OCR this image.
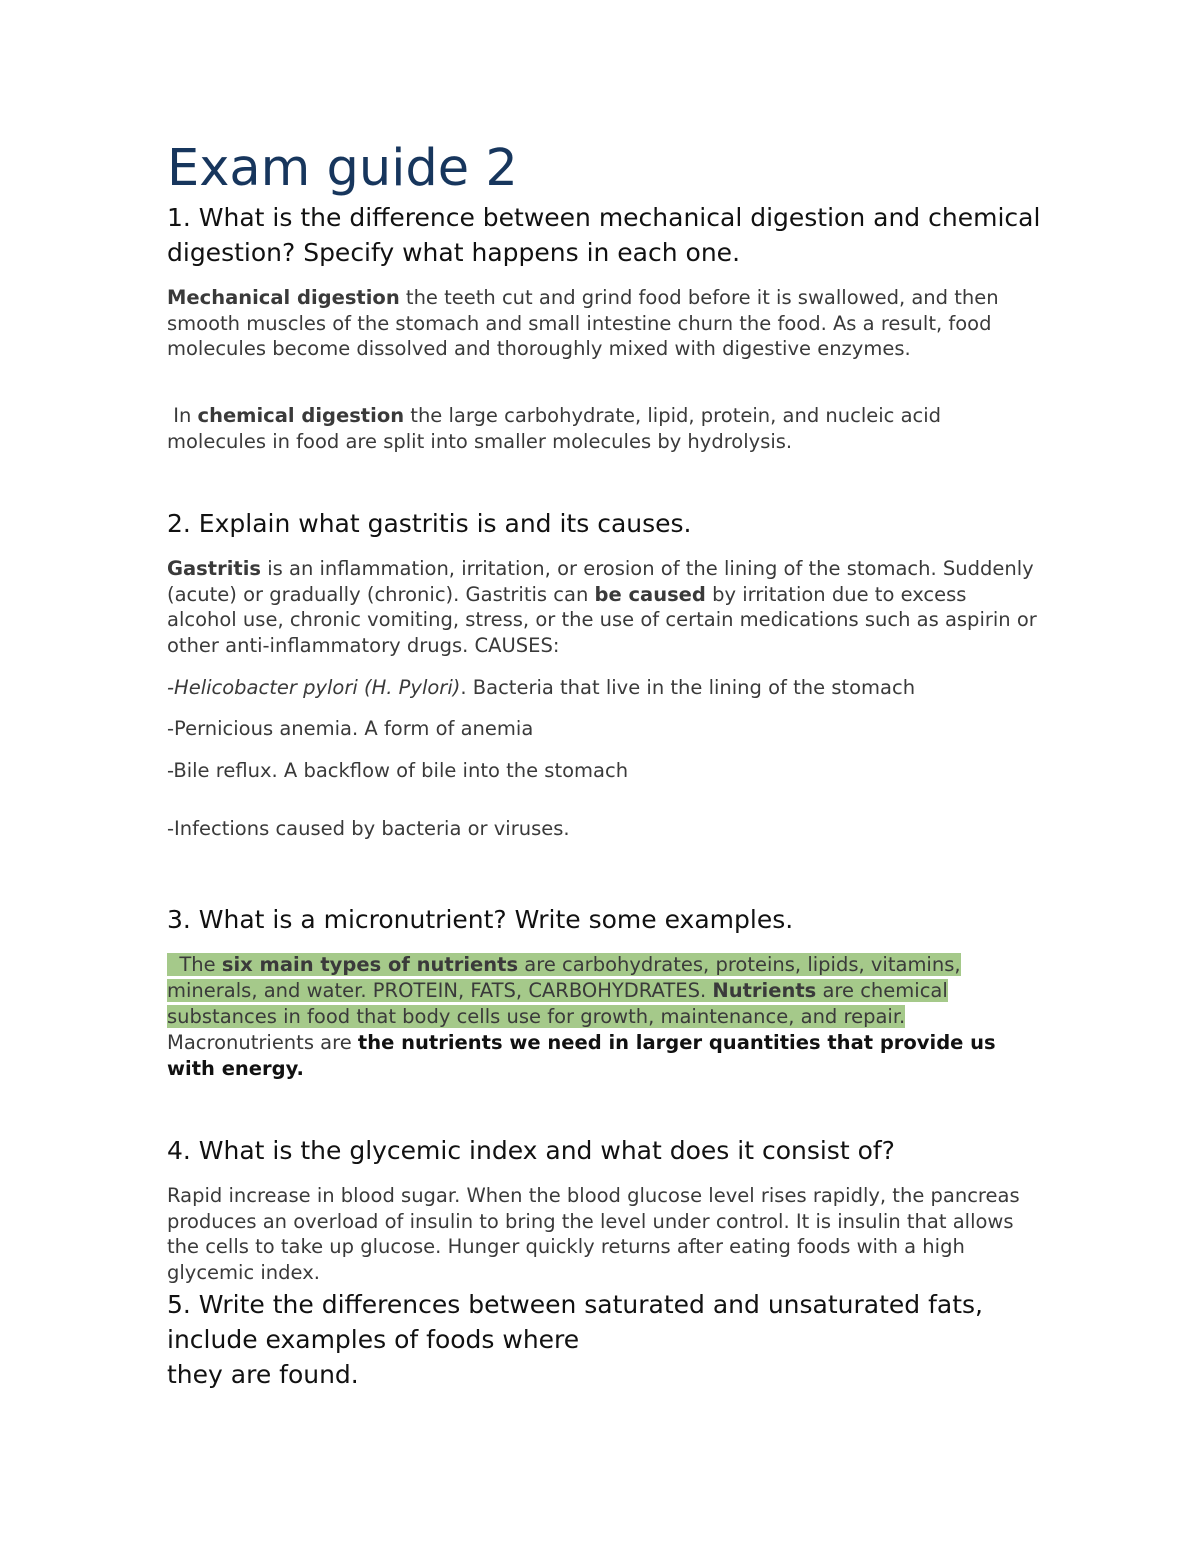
Exam guide 2
1. What is the difference between mechanical digestion and chemical digestion? Specify what happens in each one.

Mechanical digestion the teeth cut and grind food before it is swallowed, and then smooth muscles of the stomach and small intestine churn the food. As a result, food molecules become dissolved and thoroughly mixed with digestive enzymes.

In chemical digestion the large carbohydrate, lipid, protein, and nucleic acid molecules in food are split into smaller molecules by hydrolysis.

2. Explain what gastritis is and its causes.

Gastritis is an inflammation, irritation, or erosion of the lining of the stomach. Suddenly (acute) or gradually (chronic). Gastritis can be caused by irritation due to excess alcohol use, chronic vomiting, stress, or the use of certain medications such as aspirin or other anti-inflammatory drugs. CAUSES:

-Helicobacter pylori (H. Pylori). Bacteria that live in the lining of the stomach

-Pernicious anemia. A form of anemia

-Bile reflux. A backflow of bile into the stomach

-Infections caused by bacteria or viruses.

3. What is a micronutrient? Write some examples.

The six main types of nutrients are carbohydrates, proteins, lipids, vitamins, minerals, and water. PROTEIN, FATS, CARBOHYDRATES. Nutrients are chemical substances in food that body cells use for growth, maintenance, and repair.
Macronutrients are the nutrients we need in larger quantities that provide us with energy.

4. What is the glycemic index and what does it consist of?

Rapid increase in blood sugar. When the blood glucose level rises rapidly, the pancreas produces an overload of insulin to bring the level under control. It is insulin that allows the cells to take up glucose. Hunger quickly returns after eating foods with a high glycemic index.

5. Write the differences between saturated and unsaturated fats, include examples of foods where
they are found.
